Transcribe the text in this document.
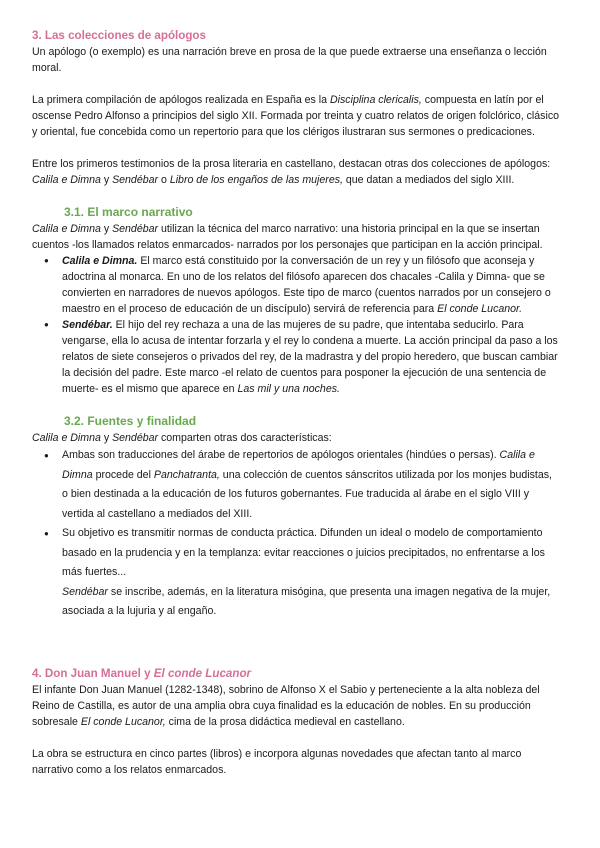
3. Las colecciones de apólogos

Un apólogo (o exemplo) es una narración breve en prosa de la que puede extraerse una enseñanza o lección moral.

La primera compilación de apólogos realizada en España es la Disciplina clericalis, compuesta en latín por el oscense Pedro Alfonso a principios del siglo XII. Formada por treinta y cuatro relatos de origen folclórico, clásico y oriental, fue concebida como un repertorio para que los clérigos ilustraran sus sermones o predicaciones.

Entre los primeros testimonios de la prosa literaria en castellano, destacan otras dos colecciones de apólogos: Calila e Dimna y Sendébar o Libro de los engaños de las mujeres, que datan a mediados del siglo XIII.

3.1. El marco narrativo

Calila e Dimna y Sendébar utilizan la técnica del marco narrativo: una historia principal en la que se insertan cuentos -los llamados relatos enmarcados- narrados por los personajes que participan en la acción principal.

● Calila e Dimna. El marco está constituido por la conversación de un rey y un filósofo que aconseja y adoctrina al monarca. En uno de los relatos del filósofo aparecen dos chacales -Calila y Dimna- que se convierten en narradores de nuevos apólogos. Este tipo de marco (cuentos narrados por un consejero o maestro en el proceso de educación de un discípulo) servirá de referencia para El conde Lucanor.
● Sendébar. El hijo del rey rechaza a una de las mujeres de su padre, que intentaba seducirlo. Para vengarse, ella lo acusa de intentar forzarla y el rey lo condena a muerte. La acción principal da paso a los relatos de siete consejeros o privados del rey, de la madrastra y del propio heredero, que buscan cambiar la decisión del padre. Este marco -el relato de cuentos para posponer la ejecución de una sentencia de muerte- es el mismo que aparece en Las mil y una noches.
3.2. Fuentes y finalidad

Calila e Dimna y Sendébar comparten otras dos características:

● Ambas son traducciones del árabe de repertorios de apólogos orientales (hindúes o persas). Calila e Dimna procede del Panchatranta, una colección de cuentos sánscritos utilizada por los monjes budistas, o bien destinada a la educación de los futuros gobernantes. Fue traducida al árabe en el siglo VIII y vertida al castellano a mediados del XIII.
● Su objetivo es transmitir normas de conducta práctica. Difunden un ideal o modelo de comportamiento basado en la prudencia y en la templanza: evitar reacciones o juicios precipitados, no enfrentarse a los más fuertes...

Sendébar se inscribe, además, en la literatura misógina, que presenta una imagen negativa de la mujer, asociada a la lujuria y al engaño.

4. Don Juan Manuel y El conde Lucanor

El infante Don Juan Manuel (1282-1348), sobrino de Alfonso X el Sabio y perteneciente a la alta nobleza del Reino de Castilla, es autor de una amplia obra cuya finalidad es la educación de nobles. En su producción sobresale El conde Lucanor, cima de la prosa didáctica medieval en castellano.

La obra se estructura en cinco partes (libros) e incorpora algunas novedades que afectan tanto al marco narrativo como a los relatos enmarcados.
